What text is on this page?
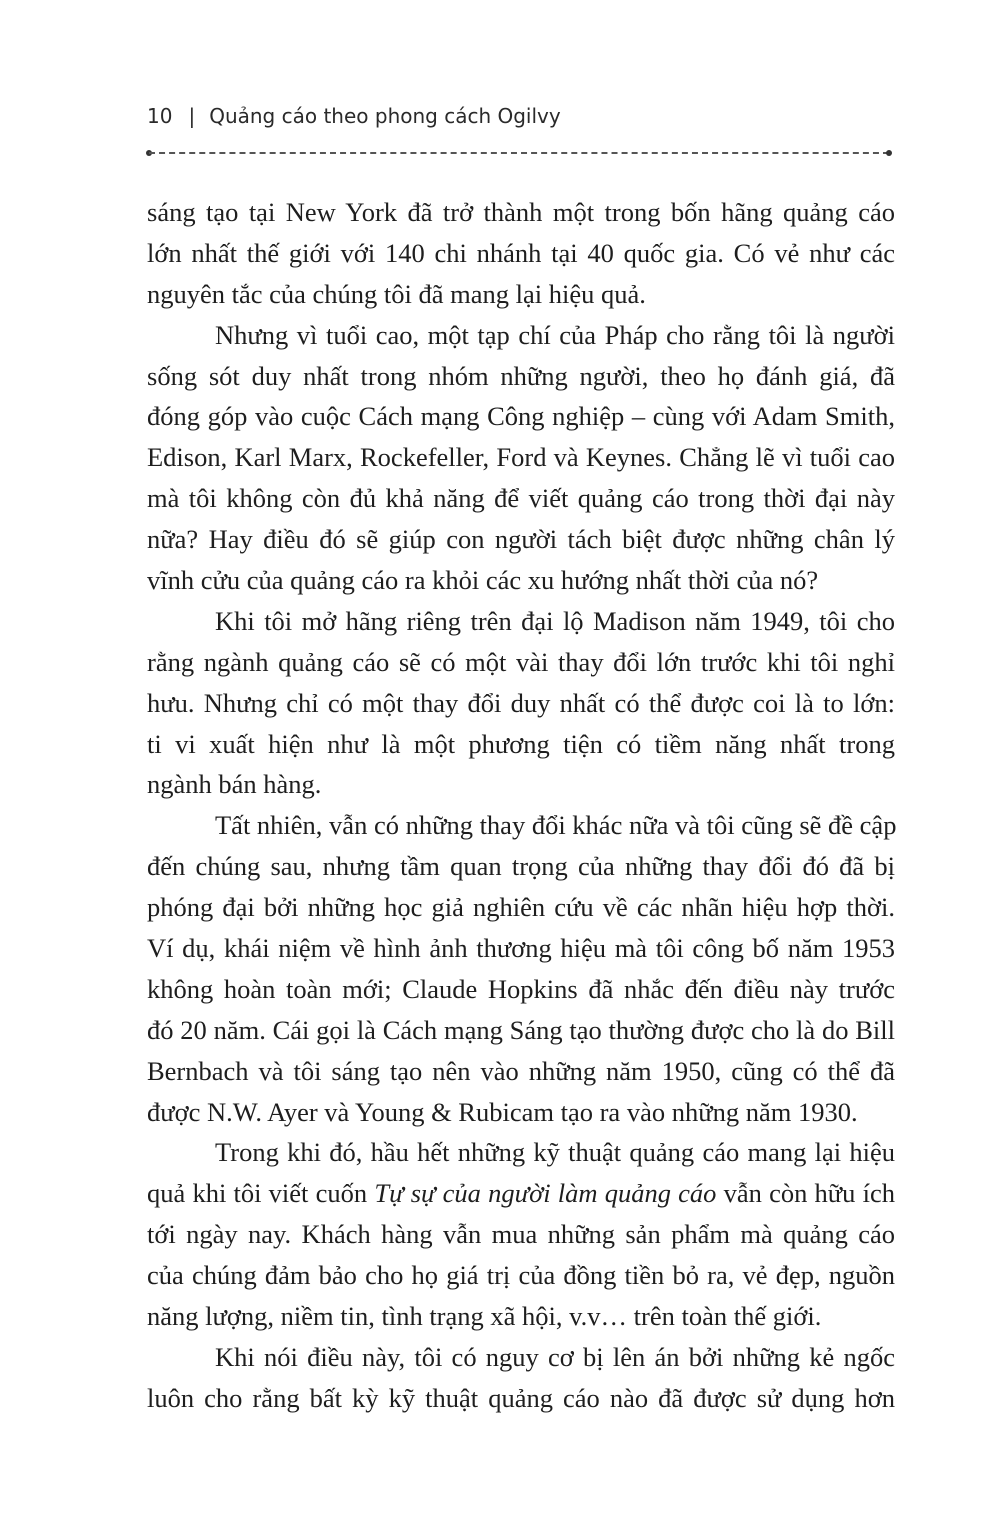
10 | Quảng cáo theo phong cách Ogilvy
sáng tạo tại New York đã trở thành một trong bốn hãng quảng cáo
lớn nhất thế giới với 140 chi nhánh tại 40 quốc gia. Có vẻ như các
nguyên tắc của chúng tôi đã mang lại hiệu quả.
Nhưng vì tuổi cao, một tạp chí của Pháp cho rằng tôi là người
sống sót duy nhất trong nhóm những người, theo họ đánh giá, đã
đóng góp vào cuộc Cách mạng Công nghiệp – cùng với Adam Smith,
Edison, Karl Marx, Rockefeller, Ford và Keynes. Chẳng lẽ vì tuổi cao
mà tôi không còn đủ khả năng để viết quảng cáo trong thời đại này
nữa? Hay điều đó sẽ giúp con người tách biệt được những chân lý
vĩnh cửu của quảng cáo ra khỏi các xu hướng nhất thời của nó?
Khi tôi mở hãng riêng trên đại lộ Madison năm 1949, tôi cho
rằng ngành quảng cáo sẽ có một vài thay đổi lớn trước khi tôi nghỉ
hưu. Nhưng chỉ có một thay đổi duy nhất có thể được coi là to lớn:
ti vi xuất hiện như là một phương tiện có tiềm năng nhất trong
ngành bán hàng.
Tất nhiên, vẫn có những thay đổi khác nữa và tôi cũng sẽ đề cập
đến chúng sau, nhưng tầm quan trọng của những thay đổi đó đã bị
phóng đại bởi những học giả nghiên cứu về các nhãn hiệu hợp thời.
Ví dụ, khái niệm về hình ảnh thương hiệu mà tôi công bố năm 1953
không hoàn toàn mới; Claude Hopkins đã nhắc đến điều này trước
đó 20 năm. Cái gọi là Cách mạng Sáng tạo thường được cho là do Bill
Bernbach và tôi sáng tạo nên vào những năm 1950, cũng có thể đã
được N.W. Ayer và Young & Rubicam tạo ra vào những năm 1930.
Trong khi đó, hầu hết những kỹ thuật quảng cáo mang lại hiệu
quả khi tôi viết cuốn Tự sự của người làm quảng cáo vẫn còn hữu ích
tới ngày nay. Khách hàng vẫn mua những sản phẩm mà quảng cáo
của chúng đảm bảo cho họ giá trị của đồng tiền bỏ ra, vẻ đẹp, nguồn
năng lượng, niềm tin, tình trạng xã hội, v.v… trên toàn thế giới.
Khi nói điều này, tôi có nguy cơ bị lên án bởi những kẻ ngốc
luôn cho rằng bất kỳ kỹ thuật quảng cáo nào đã được sử dụng hơn
